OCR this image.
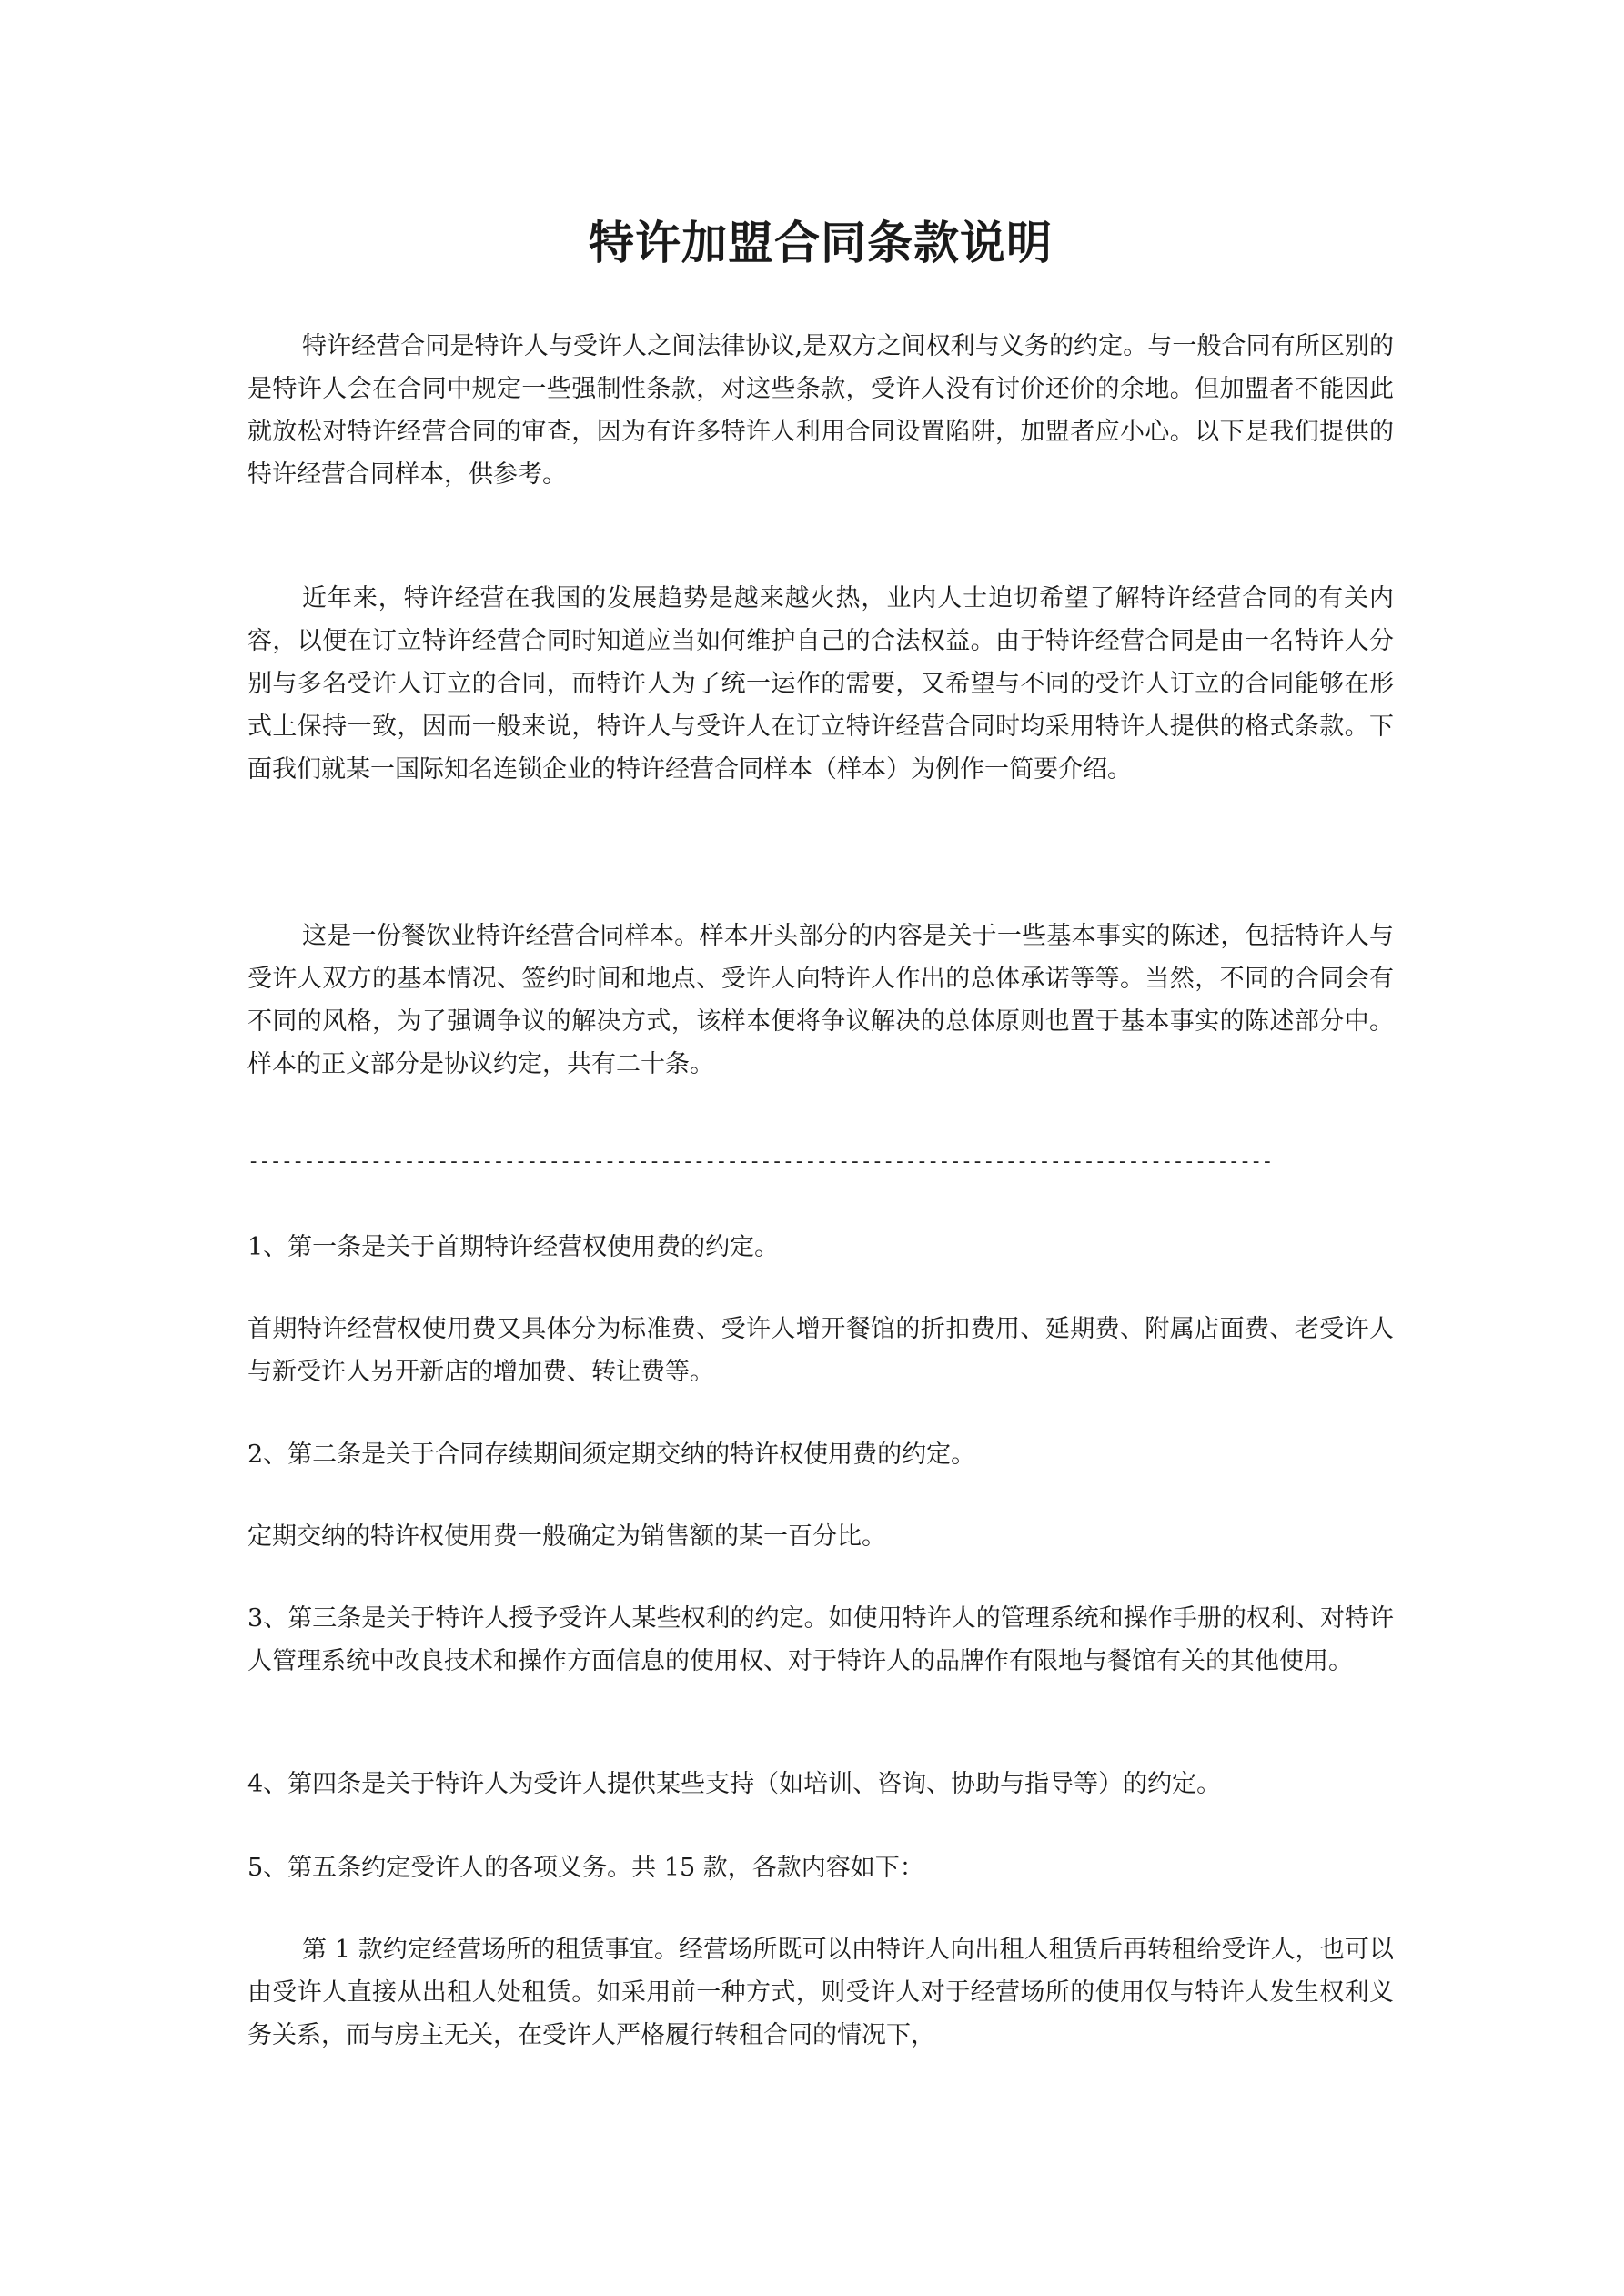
特许加盟合同条款说明

特许经营合同是特许人与受许人之间法律协议,是双方之间权利与义务的约定。与一般合同有所区别的是特许人会在合同中规定一些强制性条款，对这些条款，受许人没有讨价还价的余地。但加盟者不能因此就放松对特许经营合同的审查，因为有许多特许人利用合同设置陷阱，加盟者应小心。以下是我们提供的特许经营合同样本，供参考。

近年来，特许经营在我国的发展趋势是越来越火热，业内人士迫切希望了解特许经营合同的有关内容，以便在订立特许经营合同时知道应当如何维护自己的合法权益。由于特许经营合同是由一名特许人分别与多名受许人订立的合同，而特许人为了统一运作的需要，又希望与不同的受许人订立的合同能够在形式上保持一致，因而一般来说，特许人与受许人在订立特许经营合同时均采用特许人提供的格式条款。下面我们就某一国际知名连锁企业的特许经营合同样本（样本）为例作一简要介绍。

这是一份餐饮业特许经营合同样本。样本开头部分的内容是关于一些基本事实的陈述，包括特许人与受许人双方的基本情况、签约时间和地点、受许人向特许人作出的总体承诺等等。当然，不同的合同会有不同的风格，为了强调争议的解决方式，该样本便将争议解决的总体原则也置于基本事实的陈述部分中。样本的正文部分是协议约定，共有二十条。

--------------------------------------------------------------------------------------------

1、第一条是关于首期特许经营权使用费的约定。

首期特许经营权使用费又具体分为标准费、受许人增开餐馆的折扣费用、延期费、附属店面费、老受许人与新受许人另开新店的增加费、转让费等。

2、第二条是关于合同存续期间须定期交纳的特许权使用费的约定。

定期交纳的特许权使用费一般确定为销售额的某一百分比。

3、第三条是关于特许人授予受许人某些权利的约定。如使用特许人的管理系统和操作手册的权利、对特许人管理系统中改良技术和操作方面信息的使用权、对于特许人的品牌作有限地与餐馆有关的其他使用。

4、第四条是关于特许人为受许人提供某些支持（如培训、咨询、协助与指导等）的约定。

5、第五条约定受许人的各项义务。共 15 款，各款内容如下：

第 1 款约定经营场所的租赁事宜。经营场所既可以由特许人向出租人租赁后再转租给受许人，也可以由受许人直接从出租人处租赁。如采用前一种方式，则受许人对于经营场所的使用仅与特许人发生权利义务关系，而与房主无关，在受许人严格履行转租合同的情况下，
